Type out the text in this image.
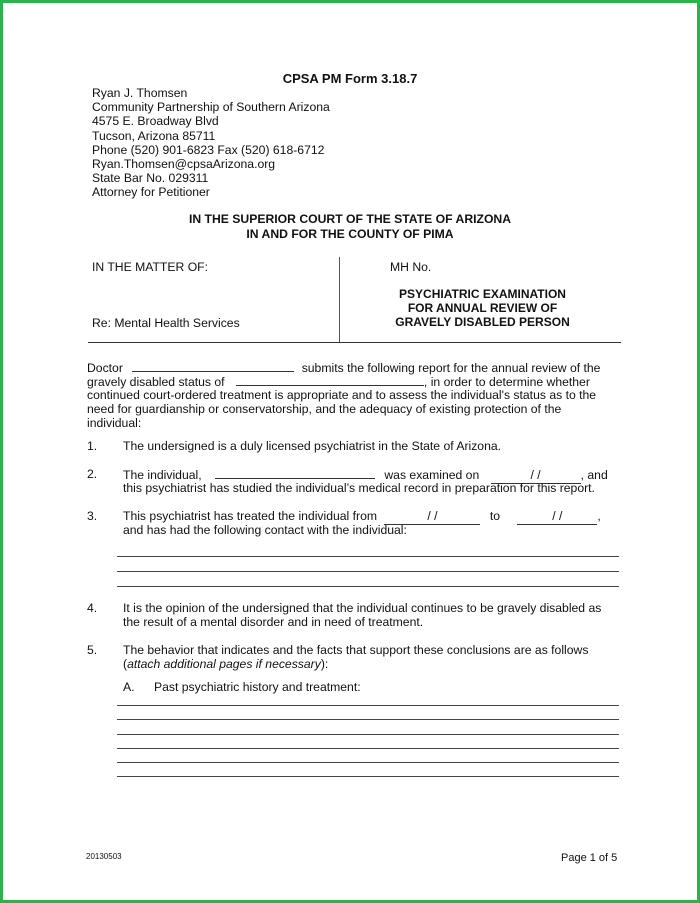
CPSA PM Form 3.18.7
Ryan J. Thomsen
Community Partnership of Southern Arizona
4575 E. Broadway Blvd
Tucson, Arizona 85711
Phone (520) 901-6823 Fax (520) 618-6712
Ryan.Thomsen@cpsaArizona.org
State Bar No. 029311
Attorney for Petitioner
IN THE SUPERIOR COURT OF THE STATE OF ARIZONA
IN AND FOR THE COUNTY OF PIMA
IN THE MATTER OF:
Re: Mental Health Services
MH No.
PSYCHIATRIC EXAMINATION
FOR ANNUAL REVIEW OF
GRAVELY DISABLED PERSON
Doctor	submits the following report for the annual review of the
gravely disabled status of	, in order to determine whether
continued court-ordered treatment is appropriate and to assess the individual's status as to the
need for guardianship or conservatorship, and the adequacy of existing protection of the
individual:
1. The undersigned is a duly licensed psychiatrist in the State of Arizona.
2. The individual,	was examined on	/ /	, and
this psychiatrist has studied the individual’s medical record in preparation for this report.
3. This psychiatrist has treated the individual from	/ /	to	/ /	,
and has had the following contact with the individual:
4. It is the opinion of the undersigned that the individual continues to be gravely disabled as
the result of a mental disorder and in need of treatment.
5. The behavior that indicates and the facts that support these conclusions are as follows
(attach additional pages if necessary):
A. Past psychiatric history and treatment:
20130503	Page 1 of 5
